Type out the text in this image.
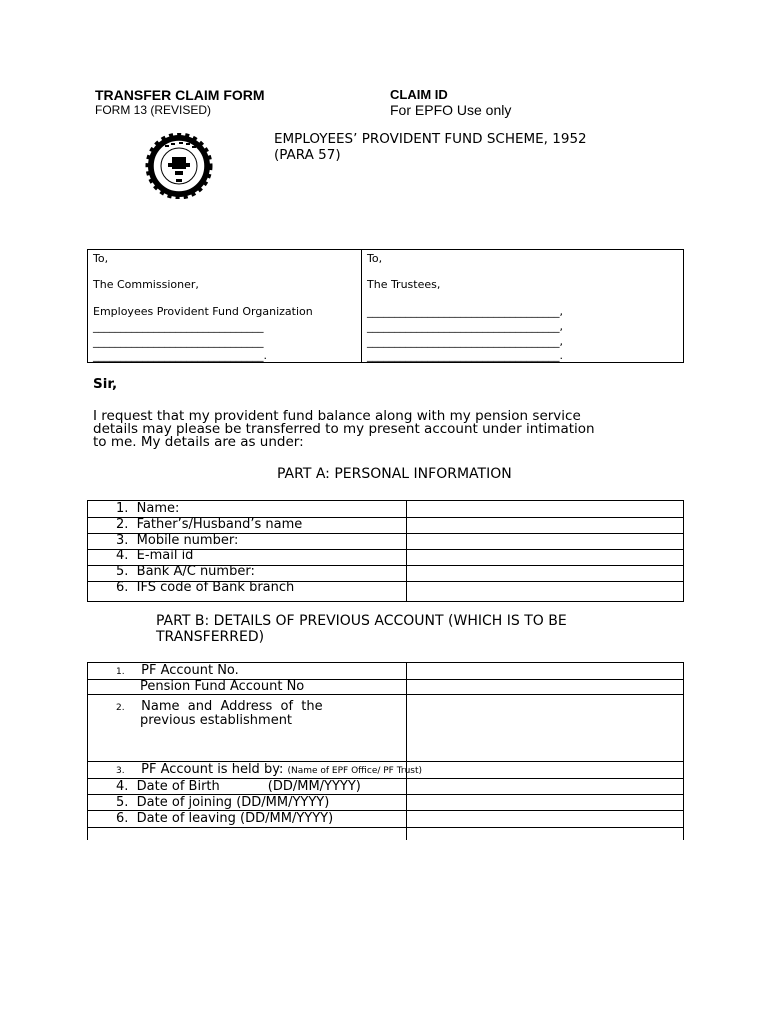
TRANSFER CLAIM FORM
FORM 13 (REVISED)
CLAIM ID
For EPFO Use only
EMPLOYEES’ PROVIDENT FUND SCHEME, 1952
(PARA 57)
To,
The Commissioner,
Employees Provident Fund Organization
_______________________________
_______________________________
_______________________________.
To,
The Trustees,
___________________________________,
___________________________________,
___________________________________,
___________________________________.
Sir,
I request that my provident fund balance along with my pension service
details may please be transferred to my present account under intimation
to me. My details are as under:
PART A: PERSONAL INFORMATION
1. Name:
2. Father’s/Husband’s name
3. Mobile number:
4. E-mail id
5. Bank A/C number:
6. IFS code of Bank branch
PART B: DETAILS OF PREVIOUS ACCOUNT (WHICH IS TO BE
TRANSFERRED)
1. PF Account No.
Pension Fund Account No
2. Name  and  Address  of  the
previous establishment
3. PF Account is held by: (Name of EPF Office/ PF Trust)
4. Date of Birth	(DD/MM/YYYY)
5. Date of joining (DD/MM/YYYY)
6. Date of leaving (DD/MM/YYYY)
